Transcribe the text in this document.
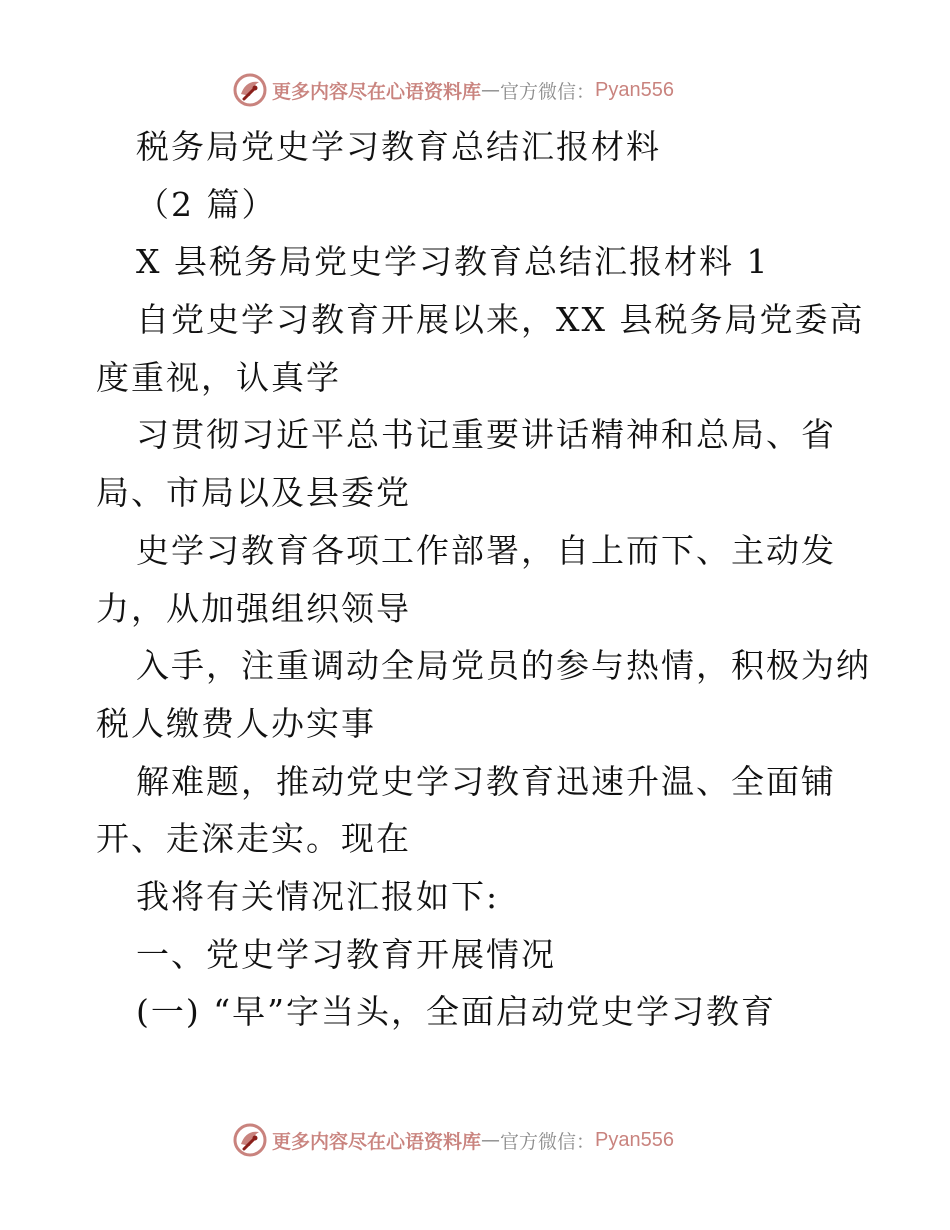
更多内容尽在心语资料库 — 官方微信： Pyan556
税务局党史学习教育总结汇报材料
（2 篇）
X 县税务局党史学习教育总结汇报材料 1
自党史学习教育开展以来，XX 县税务局党委高
度重视，认真学
习贯彻习近平总书记重要讲话精神和总局、省
局、市局以及县委党
史学习教育各项工作部署，自上而下、主动发
力，从加强组织领导
入手，注重调动全局党员的参与热情，积极为纳
税人缴费人办实事
解难题，推动党史学习教育迅速升温、全面铺
开、走深走实。现在
我将有关情况汇报如下:
一、党史学习教育开展情况
(一) “早”字当头，全面启动党史学习教育
更多内容尽在心语资料库 — 官方微信： Pyan556
